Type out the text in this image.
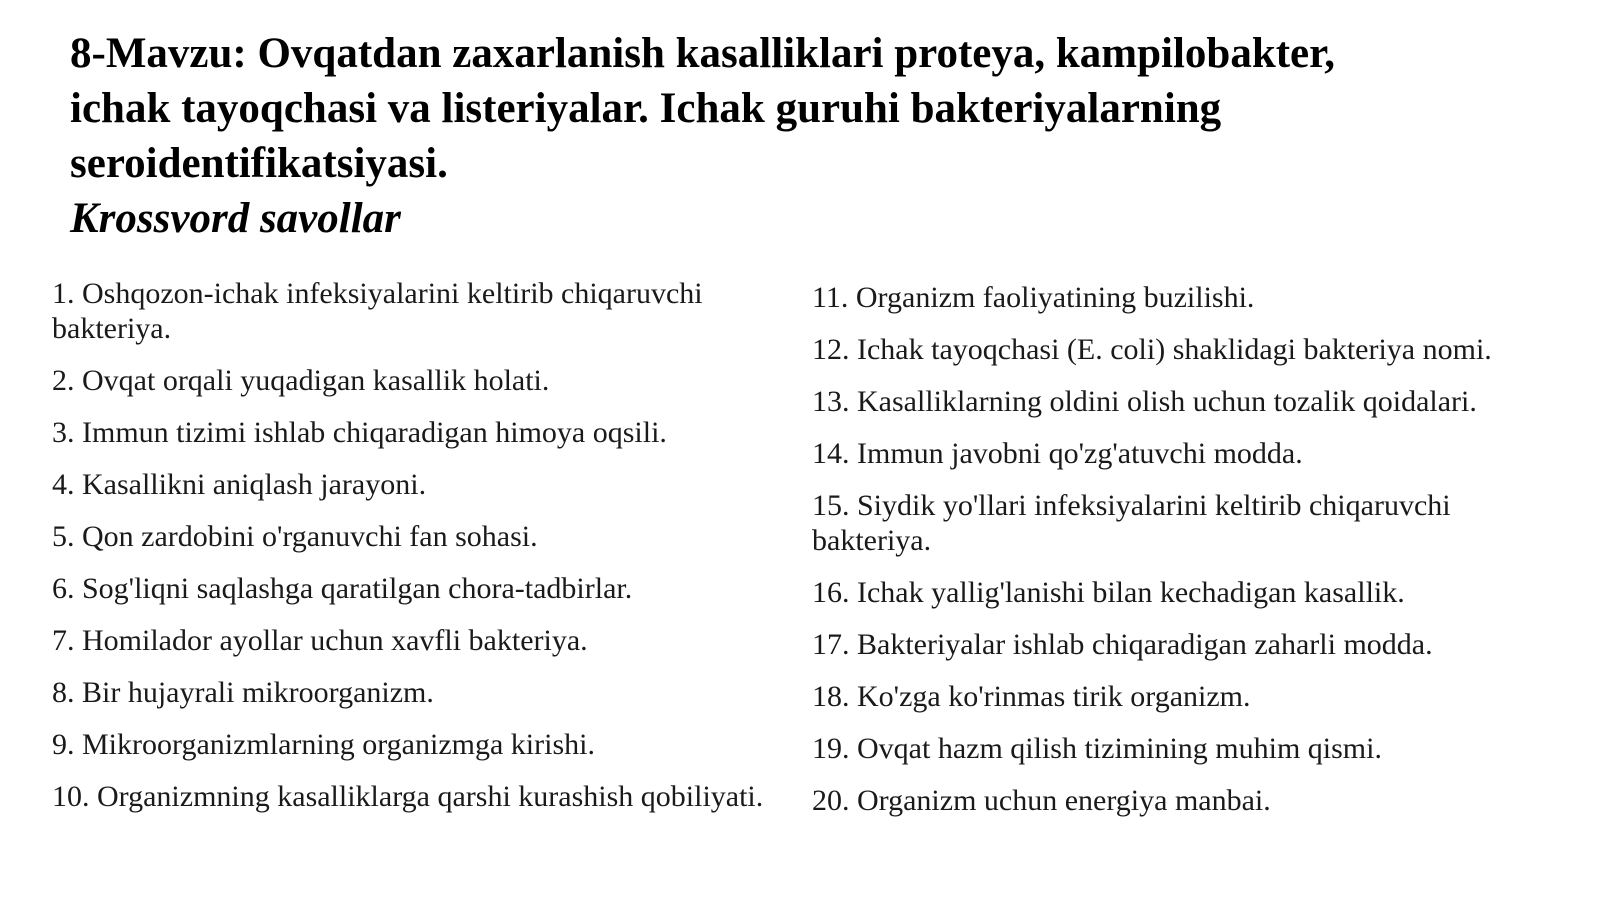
8-Mavzu: Ovqatdan zaxarlanish kasalliklari proteya, kampilobakter,
ichak tayoqchasi va listeriyalar. Ichak guruhi bakteriyalarning
seroidentifikatsiyasi.
Krossvord savollar
1. Oshqozon-ichak infeksiyalarini keltirib chiqaruvchi bakteriya.
2. Ovqat orqali yuqadigan kasallik holati.
3. Immun tizimi ishlab chiqaradigan himoya oqsili.
4. Kasallikni aniqlash jarayoni.
5. Qon zardobini o'rganuvchi fan sohasi.
6. Sog'liqni saqlashga qaratilgan chora-tadbirlar.
7. Homilador ayollar uchun xavfli bakteriya.
8. Bir hujayrali mikroorganizm.
9. Mikroorganizmlarning organizmga kirishi.
10. Organizmning kasalliklarga qarshi kurashish qobiliyati.
11. Organizm faoliyatining buzilishi.
12. Ichak tayoqchasi (E. coli) shaklidagi bakteriya nomi.
13. Kasalliklarning oldini olish uchun tozalik qoidalari.
14. Immun javobni qo'zg'atuvchi modda.
15. Siydik yo'llari infeksiyalarini keltirib chiqaruvchi bakteriya.
16. Ichak yallig'lanishi bilan kechadigan kasallik.
17. Bakteriyalar ishlab chiqaradigan zaharli modda.
18. Ko'zga ko'rinmas tirik organizm.
19. Ovqat hazm qilish tizimining muhim qismi.
20. Organizm uchun energiya manbai.
